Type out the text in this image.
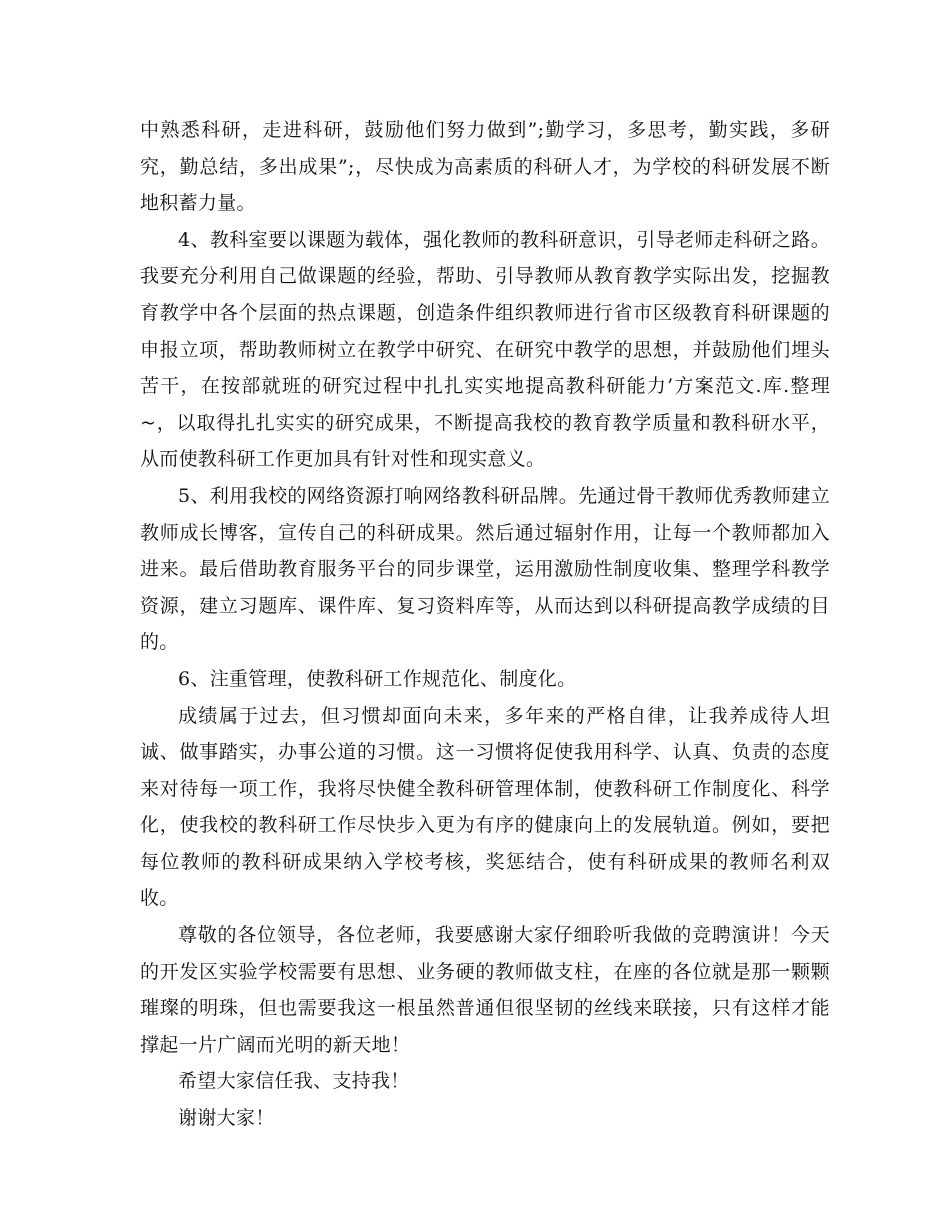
中熟悉科研，走进科研，鼓励他们努力做到”;勤学习，多思考，勤实践，多研究，勤总结，多出成果”;，尽快成为高素质的科研人才，为学校的科研发展不断地积蓄力量。

4、教科室要以课题为载体，强化教师的教科研意识，引导老师走科研之路。我要充分利用自己做课题的经验，帮助、引导教师从教育教学实际出发，挖掘教育教学中各个层面的热点课题，创造条件组织教师进行省市区级教育科研课题的申报立项，帮助教师树立在教学中研究、在研究中教学的思想，并鼓励他们埋头苦干，在按部就班的研究过程中扎扎实实地提高教科研能力’方案范文.库.整理~，以取得扎扎实实的研究成果，不断提高我校的教育教学质量和教科研水平，从而使教科研工作更加具有针对性和现实意义。

5、利用我校的网络资源打响网络教科研品牌。先通过骨干教师优秀教师建立教师成长博客，宣传自己的科研成果。然后通过辐射作用，让每一个教师都加入进来。最后借助教育服务平台的同步课堂，运用激励性制度收集、整理学科教学资源，建立习题库、课件库、复习资料库等，从而达到以科研提高教学成绩的目的。

6、注重管理，使教科研工作规范化、制度化。

成绩属于过去，但习惯却面向未来，多年来的严格自律，让我养成待人坦诚、做事踏实，办事公道的习惯。这一习惯将促使我用科学、认真、负责的态度来对待每一项工作，我将尽快健全教科研管理体制，使教科研工作制度化、科学化，使我校的教科研工作尽快步入更为有序的健康向上的发展轨道。例如，要把每位教师的教科研成果纳入学校考核，奖惩结合，使有科研成果的教师名利双收。

尊敬的各位领导，各位老师，我要感谢大家仔细聆听我做的竞聘演讲！今天的开发区实验学校需要有思想、业务硬的教师做支柱，在座的各位就是那一颗颗璀璨的明珠，但也需要我这一根虽然普通但很坚韧的丝线来联接，只有这样才能撑起一片广阔而光明的新天地！

希望大家信任我、支持我！

谢谢大家！
